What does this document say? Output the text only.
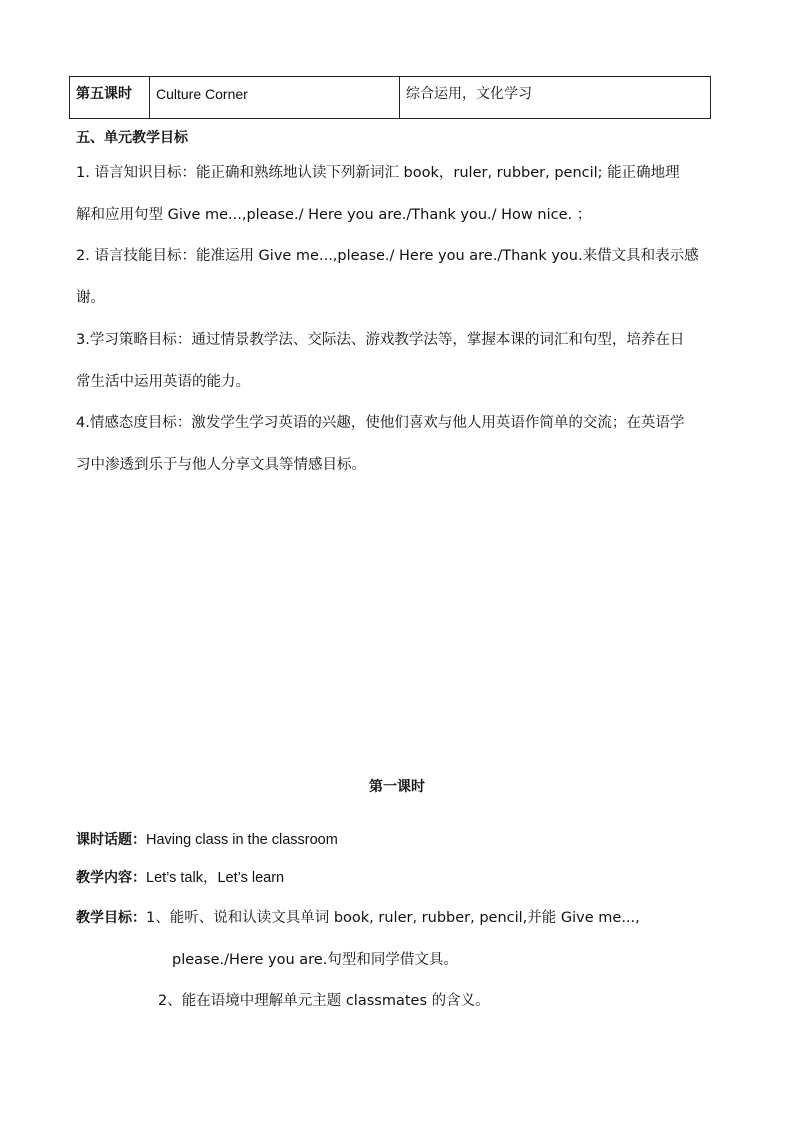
第五课时	Culture Corner	综合运用，文化学习
五、单元教学目标
1. 语言知识目标：能正确和熟练地认读下列新词汇 book，ruler, rubber, pencil; 能正确地理
解和应用句型 Give me...,please./ Here you are./Thank you./ How nice. ；
2. 语言技能目标：能准运用 Give me...,please./ Here you are./Thank you.来借文具和表示感
谢。
3.学习策略目标：通过情景教学法、交际法、游戏教学法等，掌握本课的词汇和句型，培养在日
常生活中运用英语的能力。
4.情感态度目标：激发学生学习英语的兴趣，使他们喜欢与他人用英语作简单的交流；在英语学
习中渗透到乐于与他人分享文具等情感目标。
第一课时
课时话题：Having class in the classroom
教学内容：Let’s talk，Let’s learn
教学目标：1、能听、说和认读文具单词 book, ruler, rubber, pencil,并能 Give me...,
please./Here you are.句型和同学借文具。
2、能在语境中理解单元主题 classmates 的含义。
